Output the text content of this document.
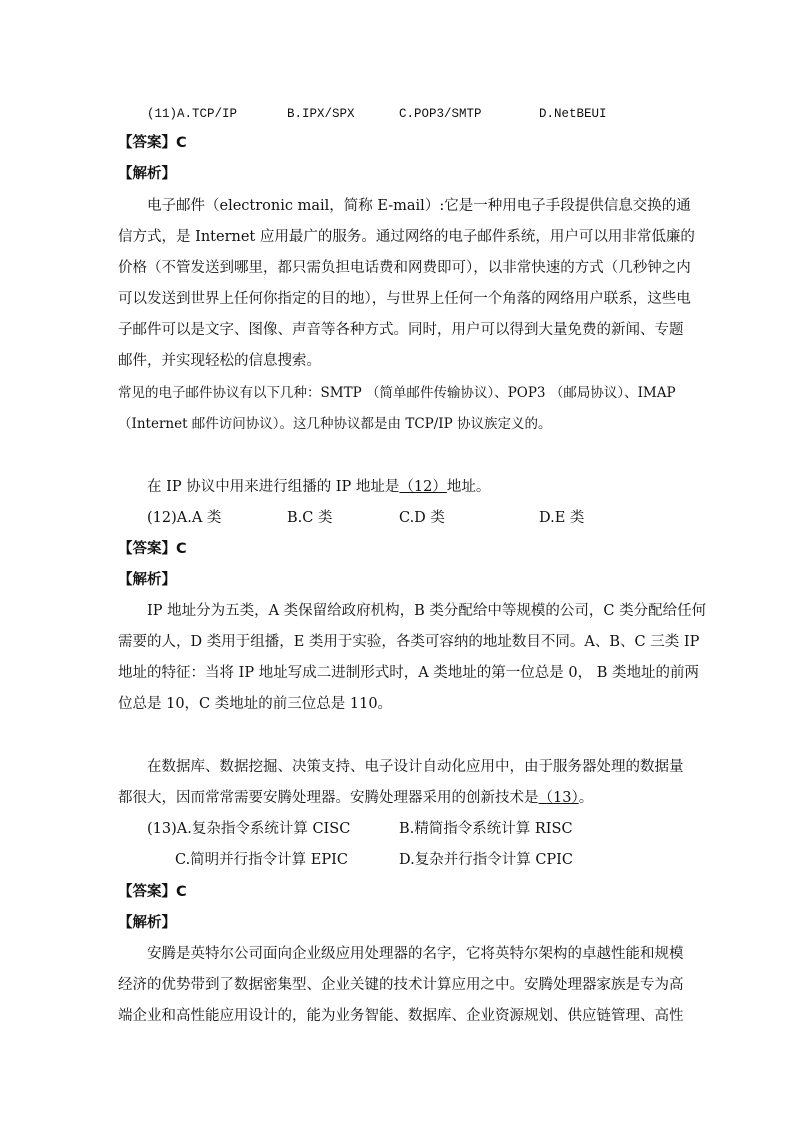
(11)A.TCP/IP	B.IPX/SPX	C.POP3/SMTP	D.NetBEUI
【答案】C
【解析】
电子邮件（electronic mail，简称 E-mail）:它是一种用电子手段提供信息交换的通
信方式，是 Internet 应用最广的服务。通过网络的电子邮件系统，用户可以用非常低廉的
价格（不管发送到哪里，都只需负担电话费和网费即可），以非常快速的方式（几秒钟之内
可以发送到世界上任何你指定的目的地），与世界上任何一个角落的网络用户联系，这些电
子邮件可以是文字、图像、声音等各种方式。同时，用户可以得到大量免费的新闻、专题
邮件，并实现轻松的信息搜索。
常见的电子邮件协议有以下几种：SMTP （简单邮件传输协议）、POP3 （邮局协议）、IMAP
（Internet 邮件访问协议）。这几种协议都是由 TCP/IP 协议族定义的。
在 IP 协议中用来进行组播的 IP 地址是（12）地址。
(12)A.A 类	B.C 类	C.D 类	D.E 类
【答案】C
【解析】
IP 地址分为五类，A 类保留给政府机构，B 类分配给中等规模的公司，C 类分配给任何
需要的人，D 类用于组播，E 类用于实验，各类可容纳的地址数目不同。A、B、C 三类 IP
地址的特征：当将 IP 地址写成二进制形式时，A 类地址的第一位总是 0， B 类地址的前两
位总是 10，C 类地址的前三位总是 110。
在数据库、数据挖掘、决策支持、电子设计自动化应用中，由于服务器处理的数据量
都很大，因而常常需要安腾处理器。安腾处理器采用的创新技术是（13）。
(13)A.复杂指令系统计算 CISC	B.精简指令系统计算 RISC
C.简明并行指令计算 EPIC	D.复杂并行指令计算 CPIC
【答案】C
【解析】
安腾是英特尔公司面向企业级应用处理器的名字，它将英特尔架构的卓越性能和规模
经济的优势带到了数据密集型、企业关键的技术计算应用之中。安腾处理器家族是专为高
端企业和高性能应用设计的，能为业务智能、数据库、企业资源规划、供应链管理、高性
